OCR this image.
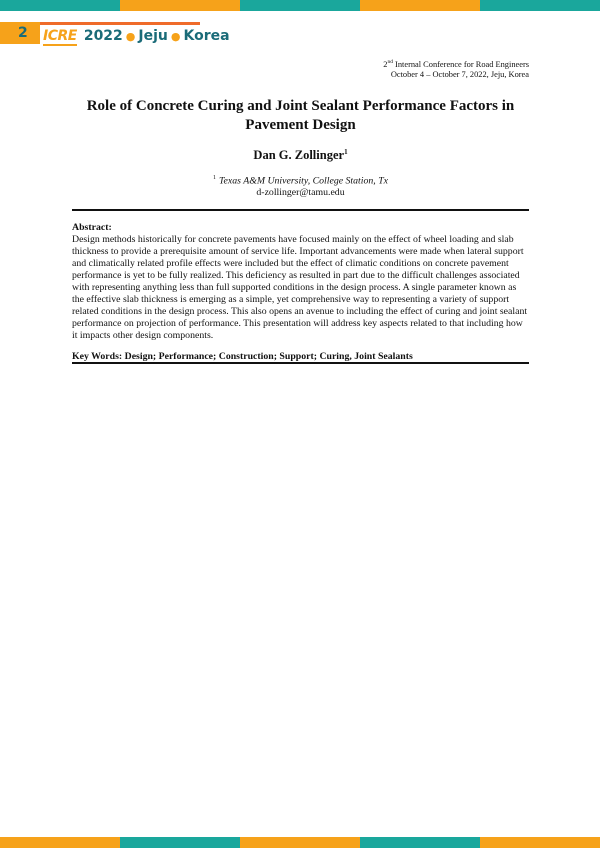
2 ICRE 2022 ● Jeju ● Korea
2nd Internal Conference for Road Engineers
October 4 – October 7, 2022, Jeju, Korea
Role of Concrete Curing and Joint Sealant Performance Factors in Pavement Design
Dan G. Zollinger$^1$
$^1$ Texas A&M University, College Station, Tx
d-zollinger@tamu.edu
Abstract:
Design methods historically for concrete pavements have focused mainly on the effect of wheel loading and slab thickness to provide a prerequisite amount of service life. Important advancements were made when lateral support and climatically related profile effects were included but the effect of climatic conditions on concrete pavement performance is yet to be fully realized. This deficiency as resulted in part due to the difficult challenges associated with representing anything less than full supported conditions in the design process. A single parameter known as the effective slab thickness is emerging as a simple, yet comprehensive way to representing a variety of support related conditions in the design process. This also opens an avenue to including the effect of curing and joint sealant performance on projection of performance. This presentation will address key aspects related to that including how it impacts other design components.
Key Words: Design; Performance; Construction; Support; Curing, Joint Sealants
